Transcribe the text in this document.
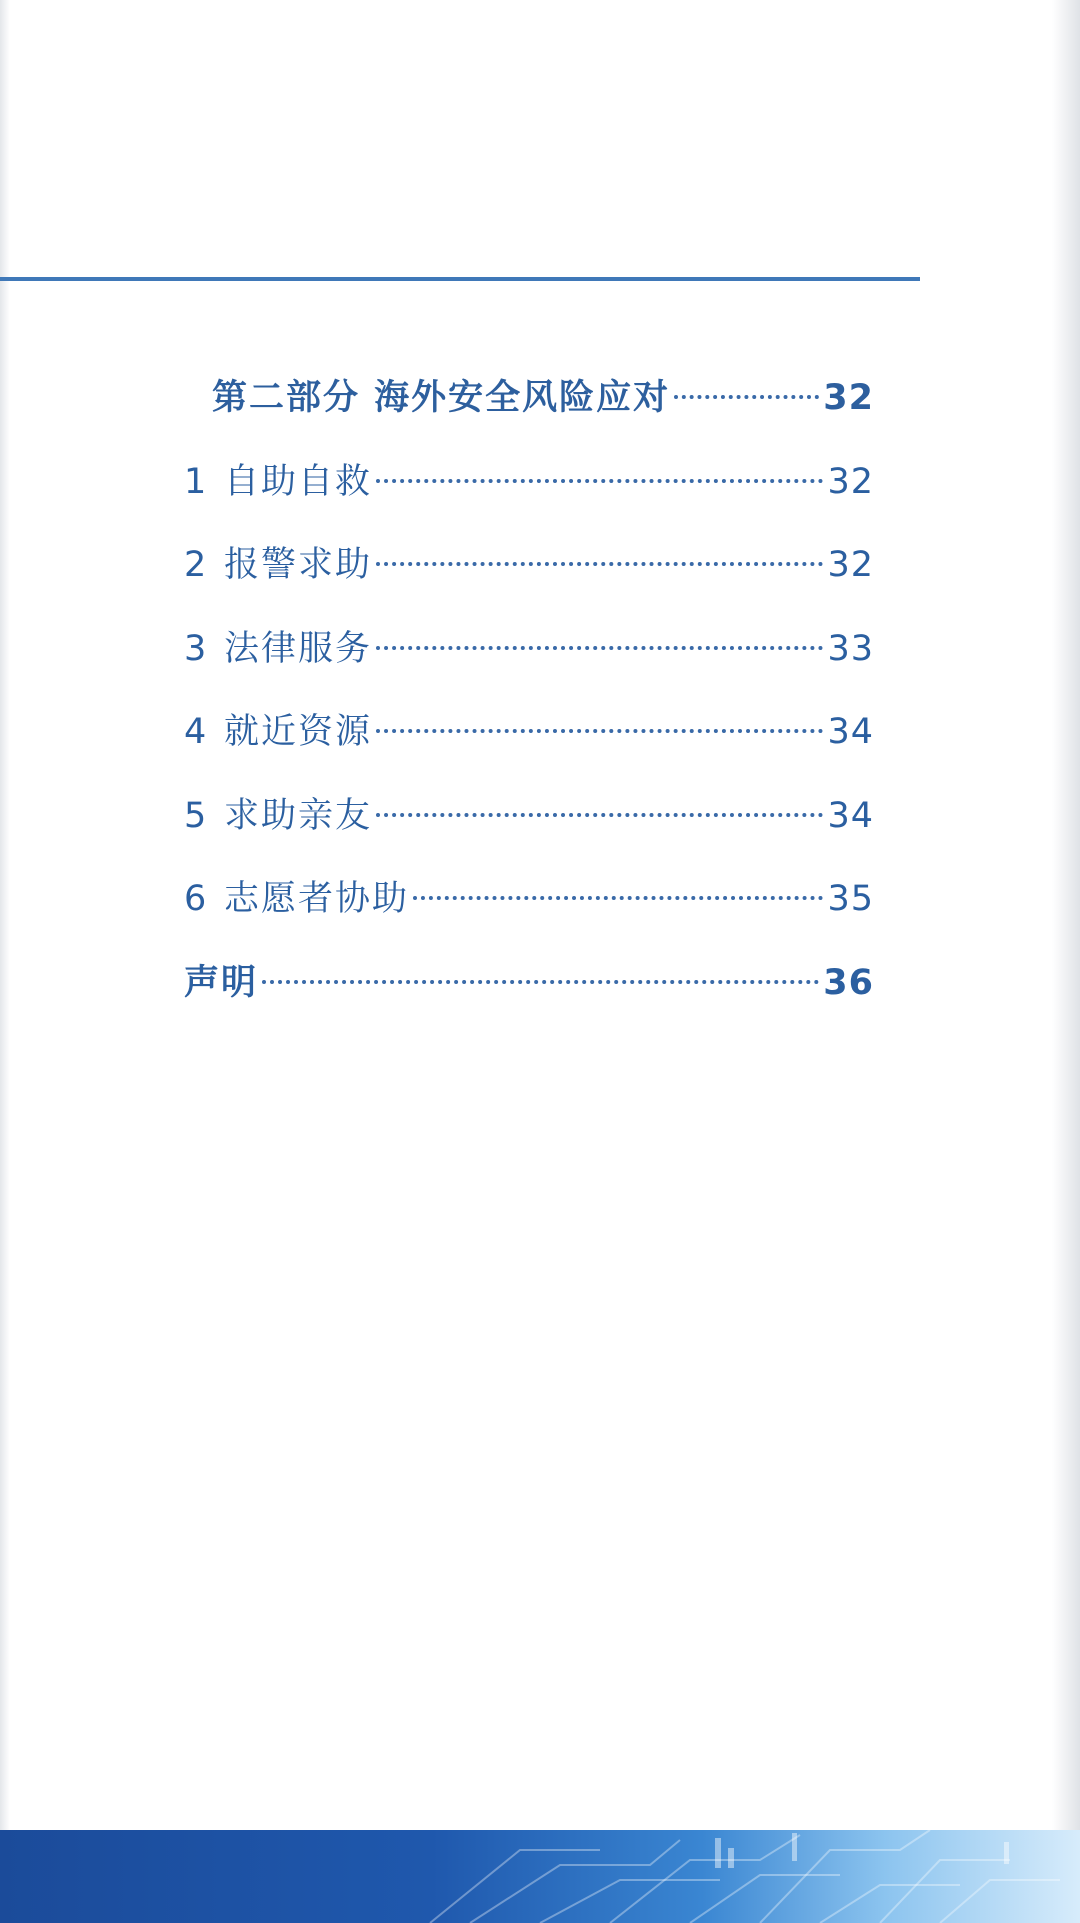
第二部分 海外安全风险应对	32
1 自助自救	32
2 报警求助	32
3 法律服务	33
4 就近资源	34
5 求助亲友	34
6 志愿者协助	35
声明	36
